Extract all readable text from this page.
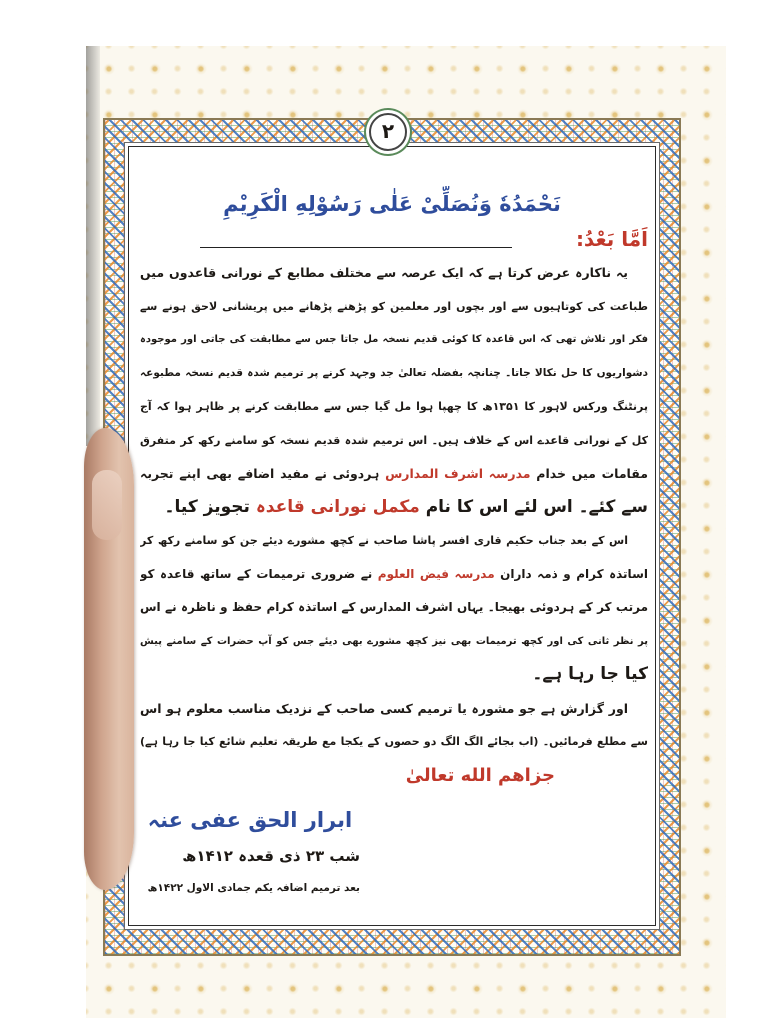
۲
نَحْمَدُهٗ وَنُصَلِّیْ عَلٰی رَسُوْلِهِ الْکَرِیْمِ
اَمَّا بَعْدُ:
یہ ناکارہ عرض کرتا ہے کہ ایک عرصہ سے مختلف مطابع کے نورانی قاعدوں میں
طباعت کی کوتاہیوں سے اور بچوں اور معلمین کو پڑھنے پڑھانے میں پریشانی لاحق ہونے سے
فکر اور تلاش تھی کہ اس قاعدہ کا کوئی قدیم نسخہ مل جاتا جس سے مطابقت کی جاتی اور موجودہ
دشواریوں کا حل نکالا جاتا۔ چنانچہ بفضلہ تعالیٰ جد وجہد کرنے پر ترمیم شدہ قدیم نسخہ مطبوعہ
پرنٹنگ ورکس لاہور کا ۱۳۵۱ھ کا چھپا ہوا مل گیا جس سے مطابقت کرنے پر ظاہر ہوا کہ آج
کل کے نورانی قاعدے اس کے خلاف ہیں۔ اس ترمیم شدہ قدیم نسخہ کو سامنے رکھ کر متفرق
مقامات میں خدام مدرسہ اشرف المدارس ہردوئی نے مفید اضافے بھی اپنے تجربہ
سے کئے۔ اس لئے اس کا نام مکمل نورانی قاعدہ تجویز کیا۔
اس کے بعد جناب حکیم قاری افسر پاشا صاحب نے کچھ مشورے دیئے جن کو سامنے رکھ کر
اساتذہ کرام و ذمہ داران مدرسہ فیض العلوم نے ضروری ترمیمات کے ساتھ قاعدہ کو
مرتب کر کے ہردوئی بھیجا۔ یہاں اشرف المدارس کے اساتذہ کرام حفظ و ناظرہ نے اس
پر نظر ثانی کی اور کچھ ترمیمات بھی نیز کچھ مشورے بھی دیئے جس کو آپ حضرات کے سامنے پیش
کیا جا رہا ہے۔
اور گزارش ہے جو مشورہ یا ترمیم کسی صاحب کے نزدیک مناسب معلوم ہو اس
سے مطلع فرمائیں۔ (اب بجائے الگ الگ دو حصوں کے یکجا مع طریقہ تعلیم شائع کیا جا رہا ہے)
جزاهم الله تعالیٰ
ابرار الحق عفی عنہ
شب ۲۳ ذی قعدہ ۱۴۱۲ھ
بعد ترمیم اضافہ یکم جمادی الاول ۱۴۲۲ھ
